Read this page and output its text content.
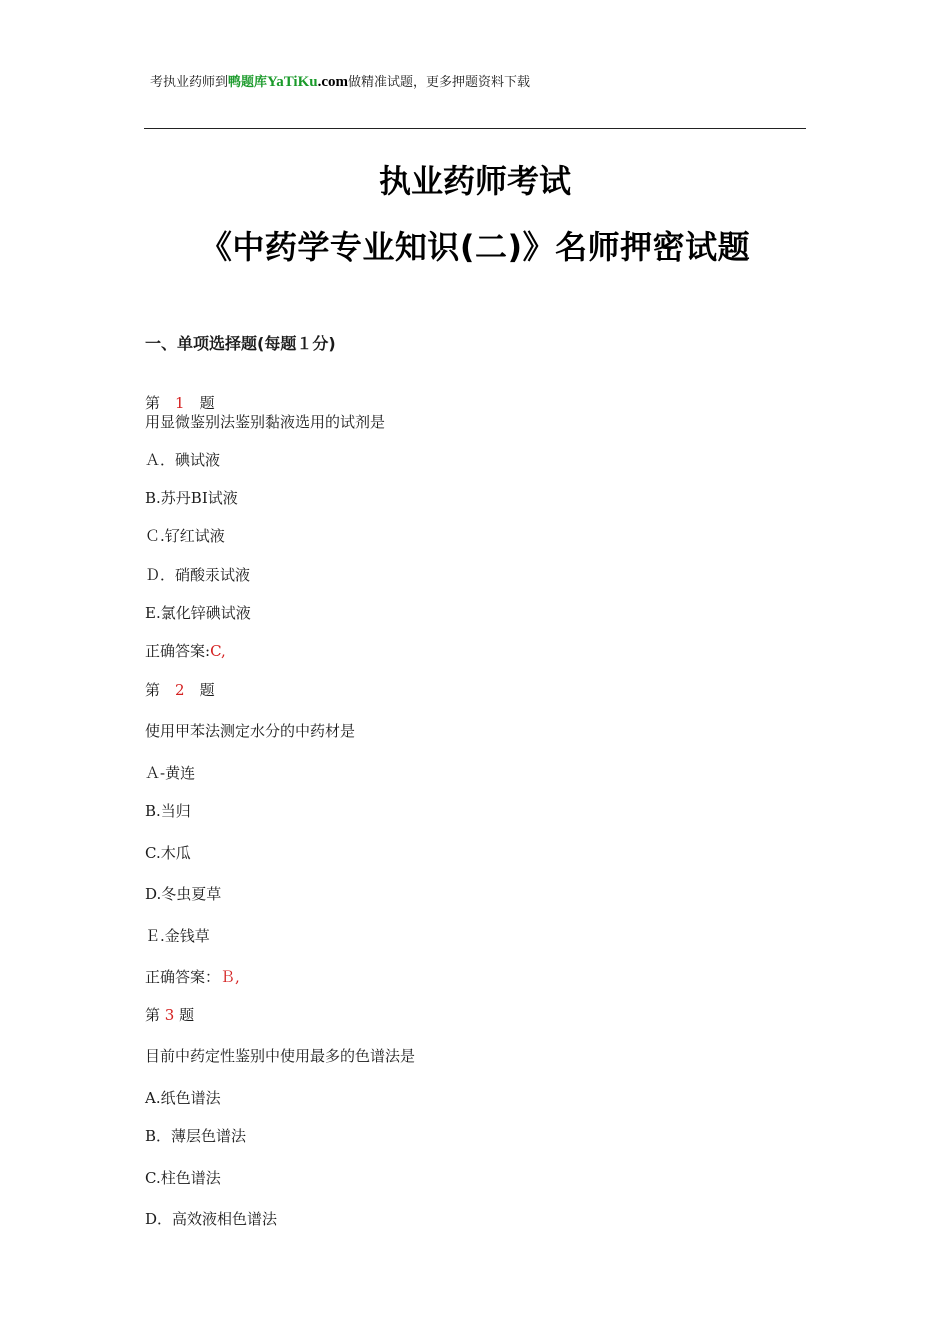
考执业药师到鸭题库YaTiKu.com做精准试题，更多押题资料下载
执业药师考试
《中药学专业知识(二)》名师押密试题
一、单项选择题(每题１分)
第　1　题
用显微鉴别法鉴别黏液选用的试剂是
Ａ．碘试液
B.苏丹BI试液
Ｃ.钌红试液
Ｄ．硝酸汞试液
E.氯化锌碘试液
正确答案:C,
第　2　题
使用甲苯法测定水分的中药材是
Ａ-黄连
B.当归
C.木瓜
D.冬虫夏草
Ｅ.金钱草
正确答案：Ｂ,
第 3 题
目前中药定性鉴别中使用最多的色谱法是
A.纸色谱法
B．薄层色谱法
C.柱色谱法
D．高效液相色谱法
